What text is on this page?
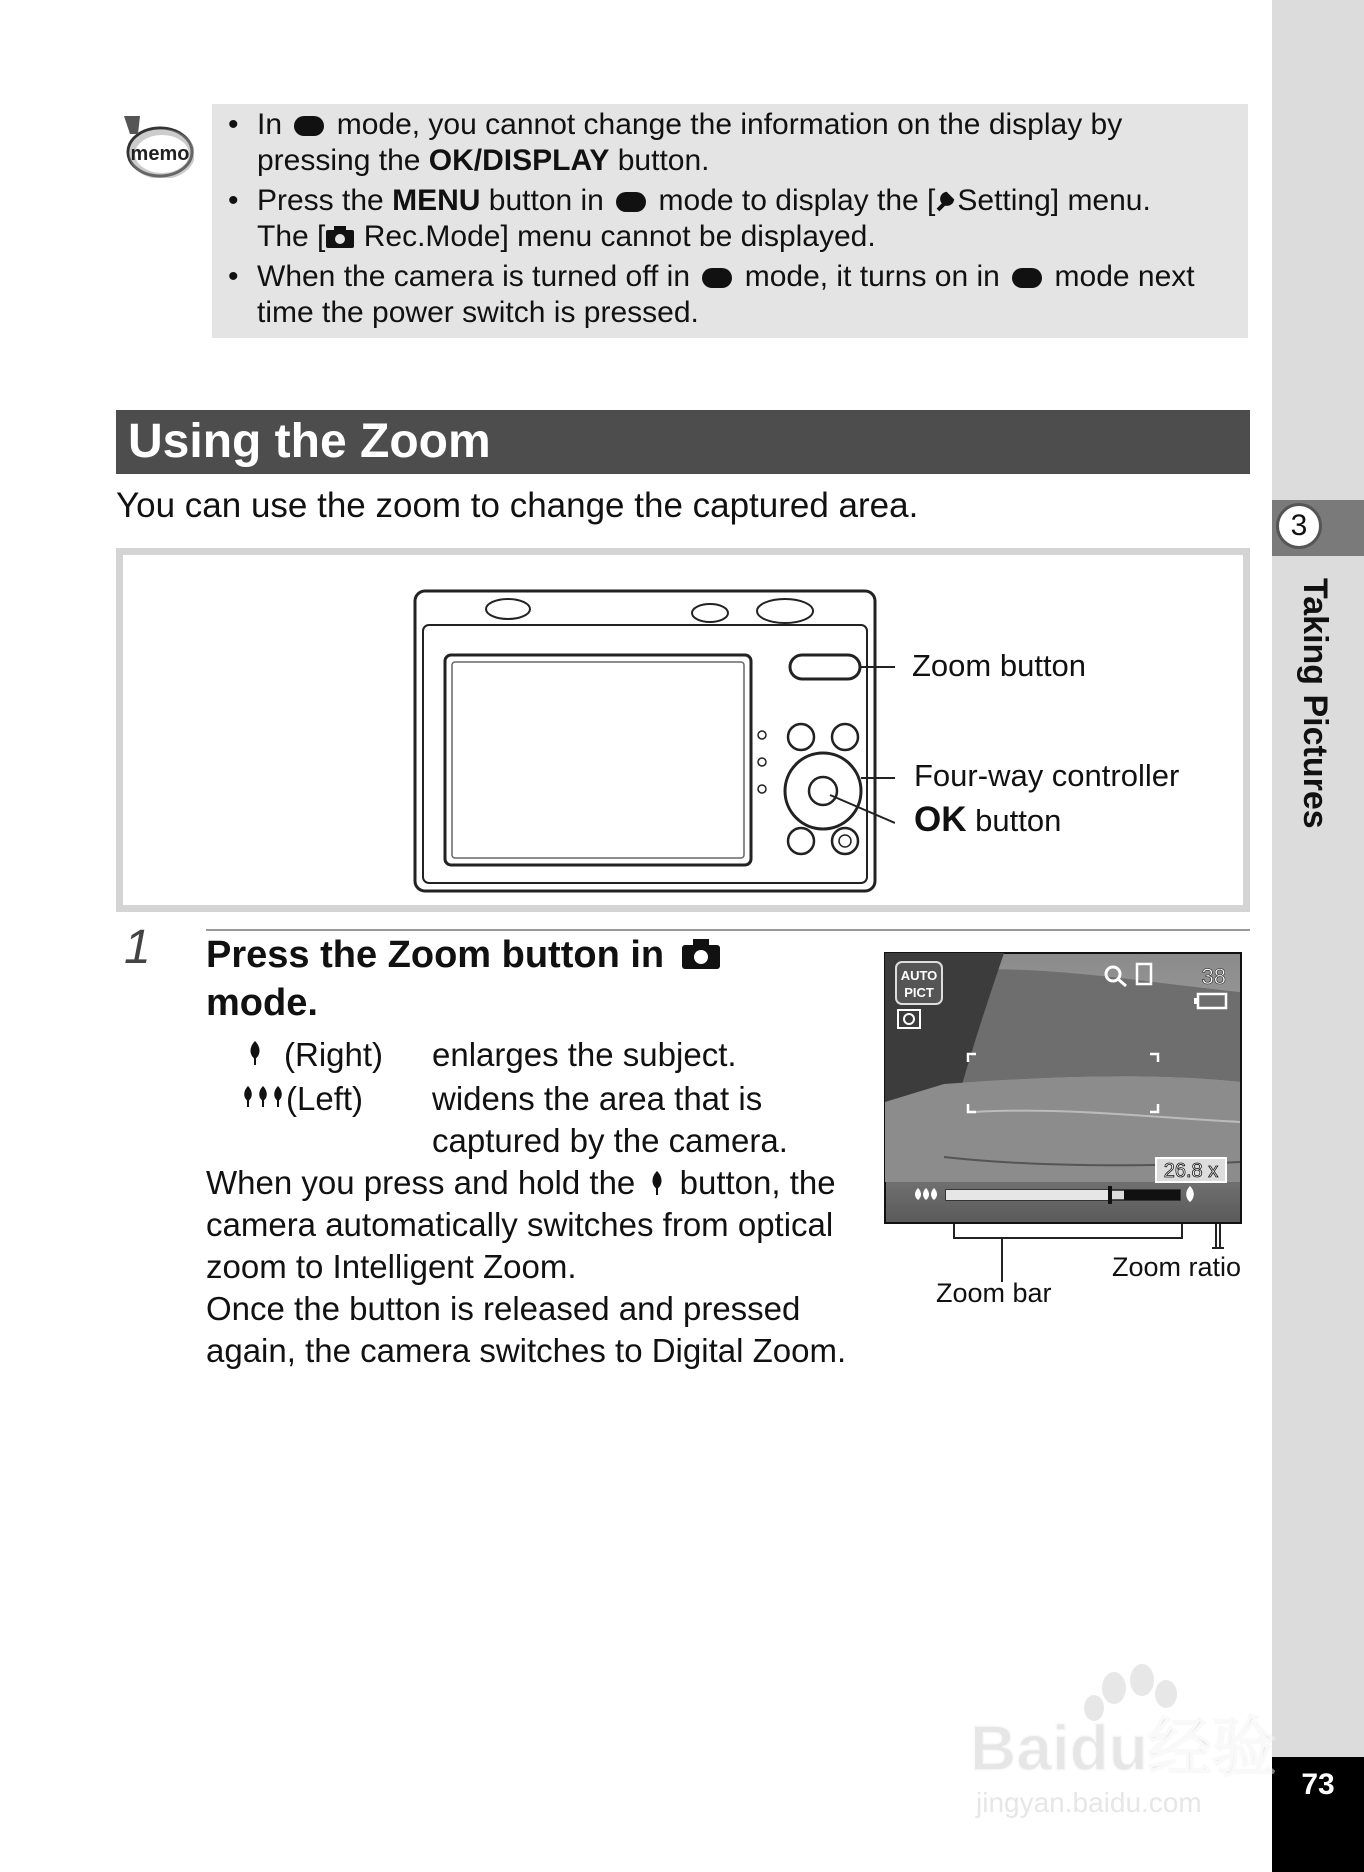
3
Taking Pictures
73
memo
• In mode, you cannot change the information on the display by
pressing the OK/DISPLAY button.
• Press the MENU button in mode to display the [ Setting] menu.
The [ Rec.Mode] menu cannot be displayed.
• When the camera is turned off in mode, it turns on in mode next
time the power switch is pressed.
Using the Zoom
You can use the zoom to change the captured area.
Zoom button
Four-way controller
OK button
1 Press the Zoom button in
mode.
(Right) enlarges the subject.
(Left) widens the area that is
captured by the camera.
When you press and hold the button, the
camera automatically switches from optical
zoom to Intelligent Zoom.
Once the button is released and pressed
again, the camera switches to Digital Zoom.
AUTO
PICT
38
26.8 x
Zoom bar
Zoom ratio
Baidu经验
jingyan.baidu.com
